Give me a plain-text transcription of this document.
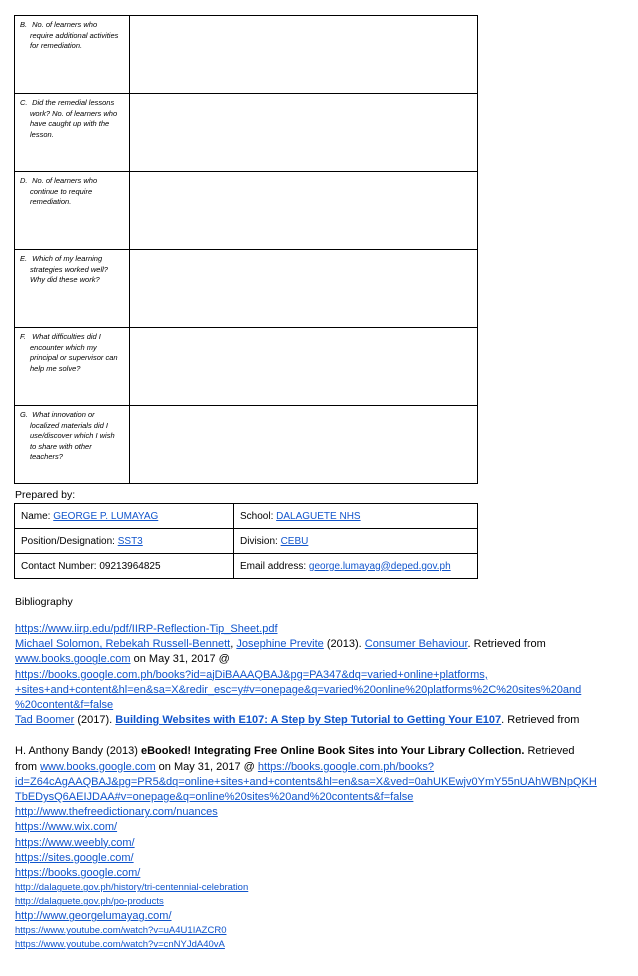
B. No. of learners who require additional activities for remediation.	

C. Did the remedial lessons work? No. of learners who have caught up with the lesson.	

D. No. of learners who continue to require remediation.	

E. Which of my learning strategies worked well? Why did these work?	

F. What difficulties did I encounter which my principal or supervisor can help me solve?	

G. What innovation or localized materials did I use/discover which I wish to share with other teachers?	

Prepared by:
Name: GEORGE P. LUMAYAG	School: DALAGUETE NHS
Position/Designation: SST3	Division: CEBU
Contact Number: 09213964825	Email address: george.lumayag@deped.gov.ph
Bibliography

https://www.iirp.edu/pdf/IIRP-Reflection-Tip_Sheet.pdf

Michael Solomon, Rebekah Russell-Bennett, Josephine Previte (2013). Consumer Behaviour. Retrieved from

www.books.google.com on May 31, 2017 @

https://books.google.com.ph/books?id=ajDiBAAAQBAJ&pg=PA347&dq=varied+online+platforms,

+sites+and+content&hl=en&sa=X&redir_esc=y#v=onepage&q=varied%20online%20platforms%2C%20sites%20and

%20content&f=false

Tad Boomer (2017). Building Websites with E107: A Step by Step Tutorial to Getting Your E107. Retrieved from

H. Anthony Bandy (2013) eBooked! Integrating Free Online Book Sites into Your Library Collection. Retrieved

from www.books.google.com on May 31, 2017 @ https://books.google.com.ph/books?

id=Z64cAgAAQBAJ&pg=PR5&dq=online+sites+and+contents&hl=en&sa=X&ved=0ahUKEwjv0YmY55nUAhWBNpQKH

TbEDysQ6AEIJDAA#v=onepage&q=online%20sites%20and%20contents&f=false

http://www.thefreedictionary.com/nuances

https://www.wix.com/

https://www.weebly.com/

https://sites.google.com/

https://books.google.com/

http://dalaguete.gov.ph/history/tri-centennial-celebration

http://dalaguete.gov.ph/po-products

http://www.georgelumayag.com/

https://www.youtube.com/watch?v=uA4U1IAZCR0

https://www.youtube.com/watch?v=cnNYJdA40vA
